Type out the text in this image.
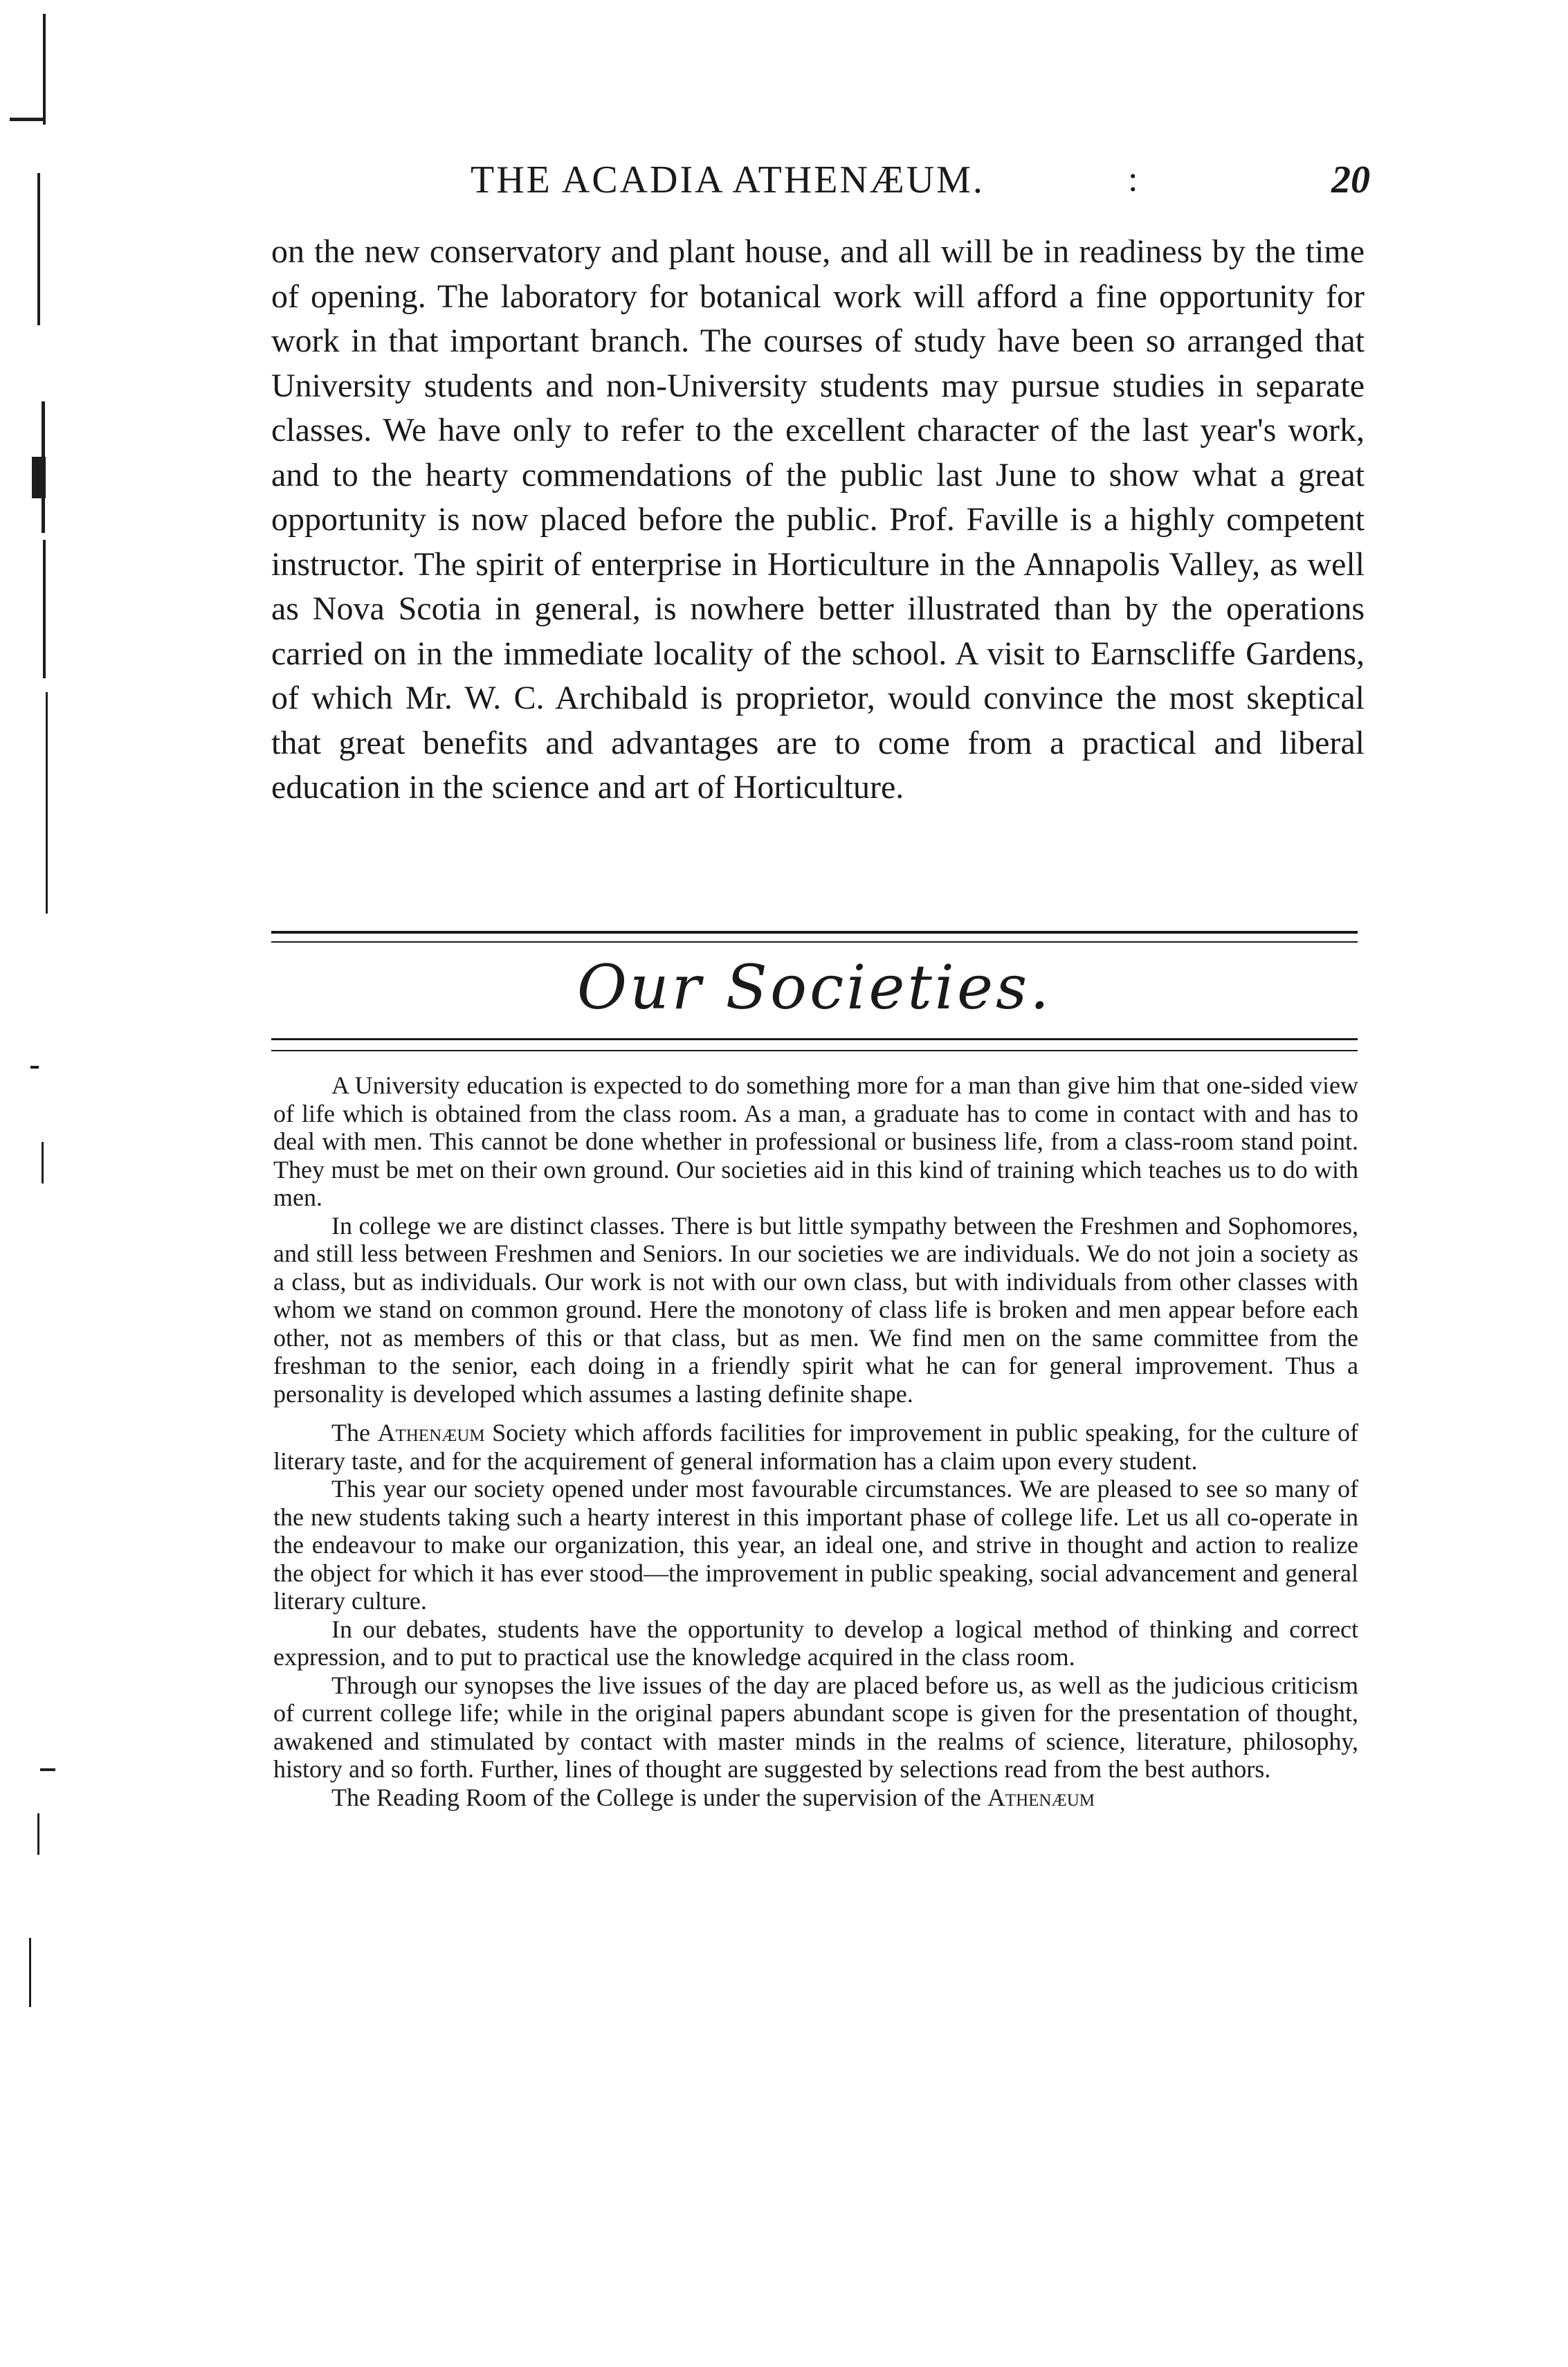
THE ACADIA ATHENÆUM.	:	20

on the new conservatory and plant house, and all will be in readiness by the time of opening. The laboratory for botanical work will afford a fine opportunity for work in that important branch. The courses of study have been so arranged that University students and non-University students may pursue studies in separate classes. We have only to refer to the excellent character of the last year's work, and to the hearty commendations of the public last June to show what a great opportunity is now placed before the public. Prof. Faville is a highly competent instructor. The spirit of enterprise in Horticulture in the Annapolis Valley, as well as Nova Scotia in general, is nowhere better illustrated than by the operations carried on in the immediate locality of the school. A visit to Earnscliffe Gardens, of which Mr. W. C. Archibald is proprietor, would convince the most skeptical that great benefits and advantages are to come from a practical and liberal education in the science and art of Horticulture.

Our Societies.

A University education is expected to do something more for a man than give him that one-sided view of life which is obtained from the class room. As a man, a graduate has to come in contact with and has to deal with men. This cannot be done whether in professional or business life, from a class-room stand point. They must be met on their own ground. Our societies aid in this kind of training which teaches us to do with men.

In college we are distinct classes. There is but little sympathy between the Freshmen and Sophomores, and still less between Freshmen and Seniors. In our societies we are individuals. We do not join a society as a class, but as individuals. Our work is not with our own class, but with individuals from other classes with whom we stand on common ground. Here the monotony of class life is broken and men appear before each other, not as members of this or that class, but as men. We find men on the same committee from the freshman to the senior, each doing in a friendly spirit what he can for general improvement. Thus a personality is developed which assumes a lasting definite shape.

The Athenæum Society which affords facilities for improvement in public speaking, for the culture of literary taste, and for the acquirement of general information has a claim upon every student.

This year our society opened under most favourable circumstances. We are pleased to see so many of the new students taking such a hearty interest in this important phase of college life. Let us all co-operate in the endeavour to make our organization, this year, an ideal one, and strive in thought and action to realize the object for which it has ever stood—the improvement in public speaking, social advancement and general literary culture.

In our debates, students have the opportunity to develop a logical method of thinking and correct expression, and to put to practical use the knowledge acquired in the class room.

Through our synopses the live issues of the day are placed before us, as well as the judicious criticism of current college life; while in the original papers abundant scope is given for the presentation of thought, awakened and stimulated by contact with master minds in the realms of science, literature, philosophy, history and so forth. Further, lines of thought are suggested by selections read from the best authors.

The Reading Room of the College is under the supervision of the Athenæum
